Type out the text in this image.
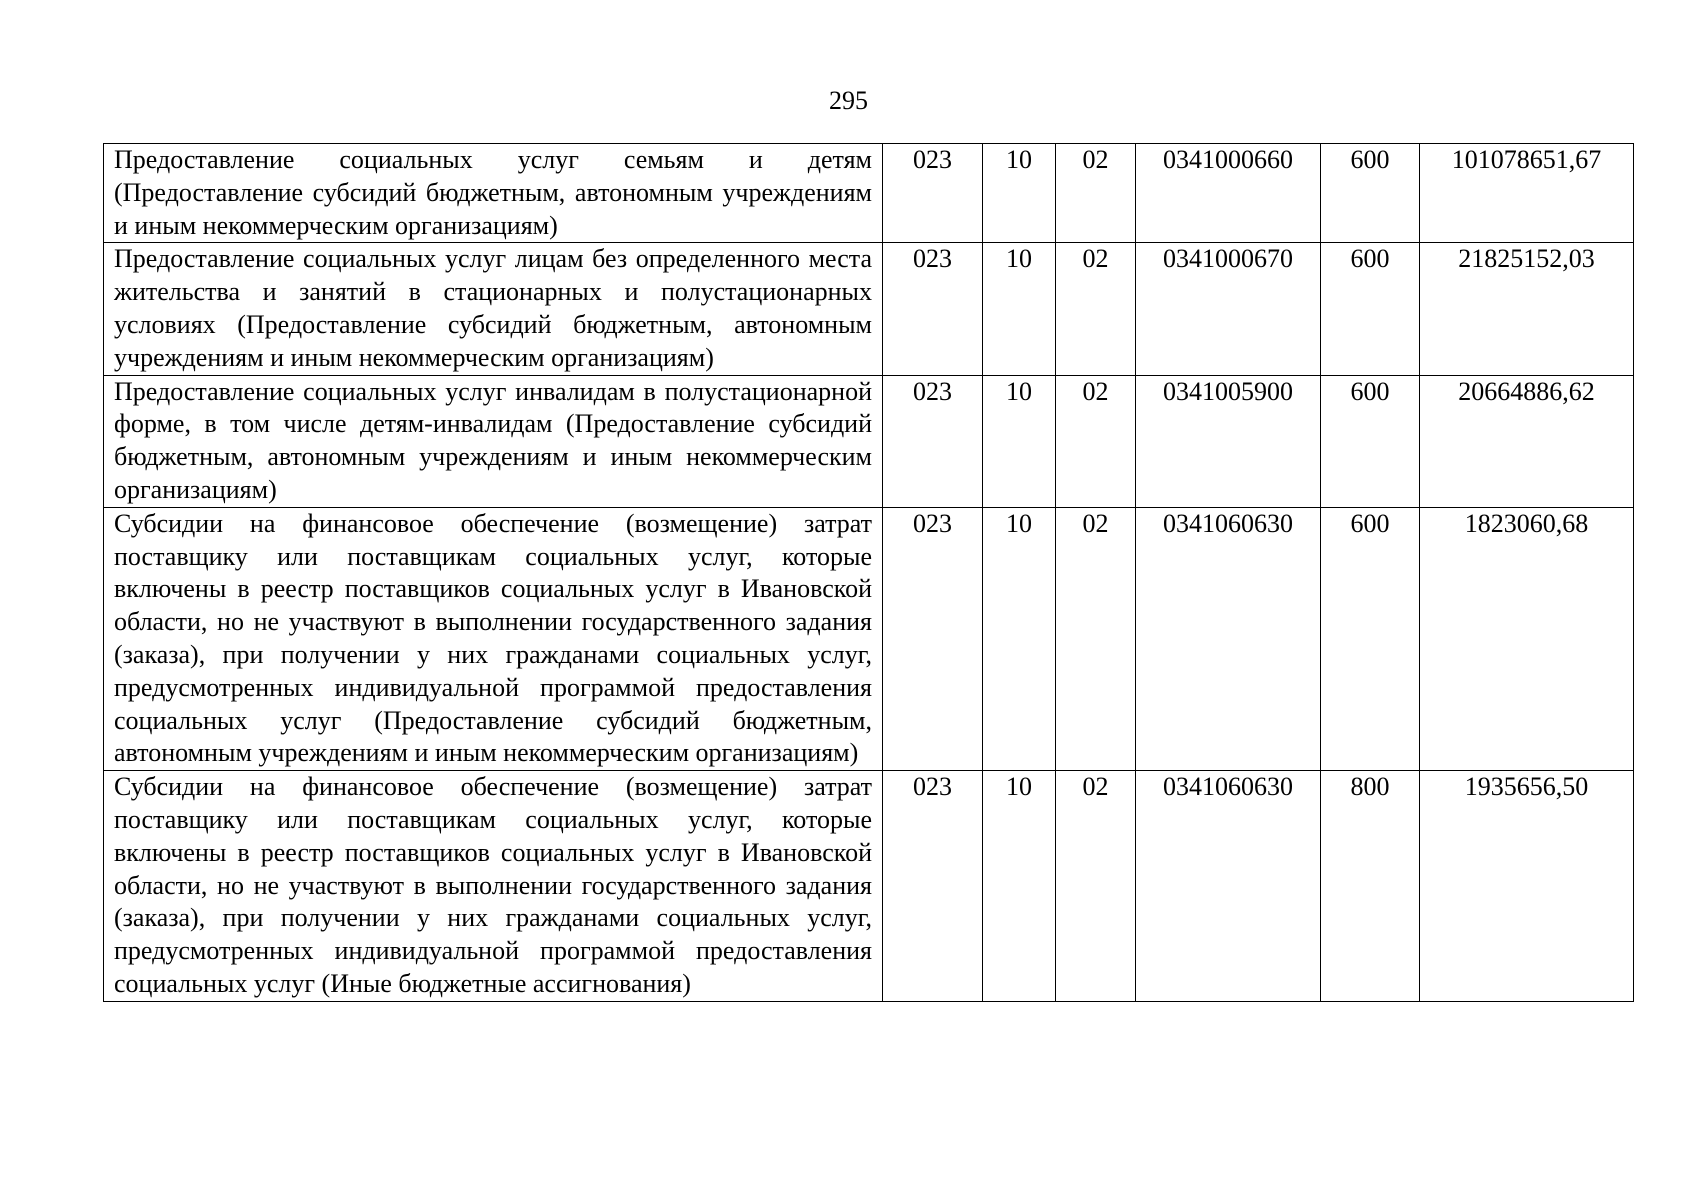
295
Предоставление социальных услуг семьям и детям (Предоставление субсидий бюджетным, автономным учреждениям и иным некоммерческим организациям)	023	10	02	0341000660	600	101078651,67
Предоставление социальных услуг лицам без определенного места жительства и занятий в стационарных и полустационарных условиях (Предоставление субсидий бюджетным, автономным учреждениям и иным некоммерческим организациям)	023	10	02	0341000670	600	21825152,03
Предоставление социальных услуг инвалидам в полустационарной форме, в том числе детям-инвалидам (Предоставление субсидий бюджетным, автономным учреждениям и иным некоммерческим организациям)	023	10	02	0341005900	600	20664886,62
Субсидии на финансовое обеспечение (возмещение) затрат поставщику или поставщикам социальных услуг, которые включены в реестр поставщиков социальных услуг в Ивановской области, но не участвуют в выполнении государственного задания (заказа), при получении у них гражданами социальных услуг, предусмотренных индивидуальной программой предоставления социальных услуг (Предоставление субсидий бюджетным, автономным учреждениям и иным некоммерческим организациям)	023	10	02	0341060630	600	1823060,68
Субсидии на финансовое обеспечение (возмещение) затрат поставщику или поставщикам социальных услуг, которые включены в реестр поставщиков социальных услуг в Ивановской области, но не участвуют в выполнении государственного задания (заказа), при получении у них гражданами социальных услуг, предусмотренных индивидуальной программой предоставления социальных услуг (Иные бюджетные ассигнования)	023	10	02	0341060630	800	1935656,50
